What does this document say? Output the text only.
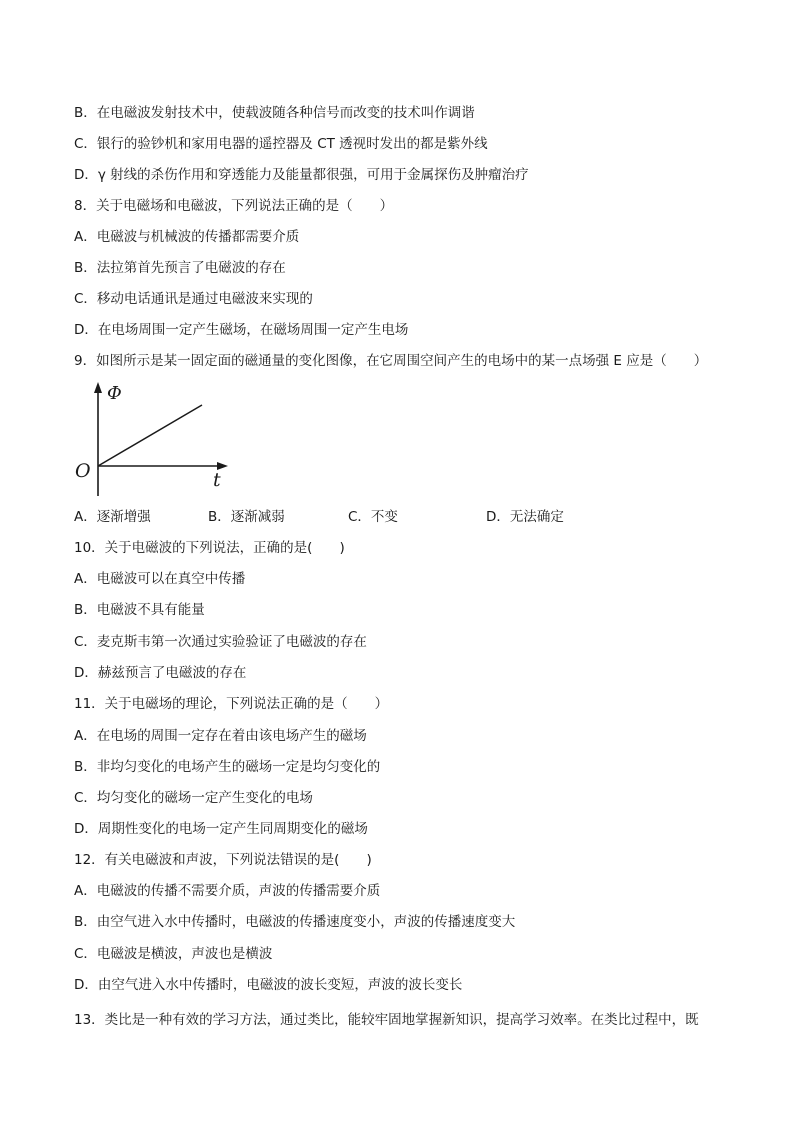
B．在电磁波发射技术中，使载波随各种信号而改变的技术叫作调谐
C．银行的验钞机和家用电器的遥控器及 CT 透视时发出的都是紫外线
D．γ 射线的杀伤作用和穿透能力及能量都很强，可用于金属探伤及肿瘤治疗
8．关于电磁场和电磁波，下列说法正确的是（　　）
A．电磁波与机械波的传播都需要介质
B．法拉第首先预言了电磁波的存在
C．移动电话通讯是通过电磁波来实现的
D．在电场周围一定产生磁场，在磁场周围一定产生电场
9．如图所示是某一固定面的磁通量的变化图像，在它周围空间产生的电场中的某一点场强 E 应是（　　）
Φ
t
O
A．逐渐增强	B．逐渐减弱	C．不变	D．无法确定
10．关于电磁波的下列说法，正确的是(　　)
A．电磁波可以在真空中传播
B．电磁波不具有能量
C．麦克斯韦第一次通过实验验证了电磁波的存在
D．赫兹预言了电磁波的存在
11．关于电磁场的理论，下列说法正确的是（　　）
A．在电场的周围一定存在着由该电场产生的磁场
B．非均匀变化的电场产生的磁场一定是均匀变化的
C．均匀变化的磁场一定产生变化的电场
D．周期性变化的电场一定产生同周期变化的磁场
12．有关电磁波和声波，下列说法错误的是(　　)
A．电磁波的传播不需要介质，声波的传播需要介质
B．由空气进入水中传播时，电磁波的传播速度变小，声波的传播速度变大
C．电磁波是横波，声波也是横波
D．由空气进入水中传播时，电磁波的波长变短，声波的波长变长
13．类比是一种有效的学习方法，通过类比，能较牢固地掌握新知识，提高学习效率。在类比过程中，既
